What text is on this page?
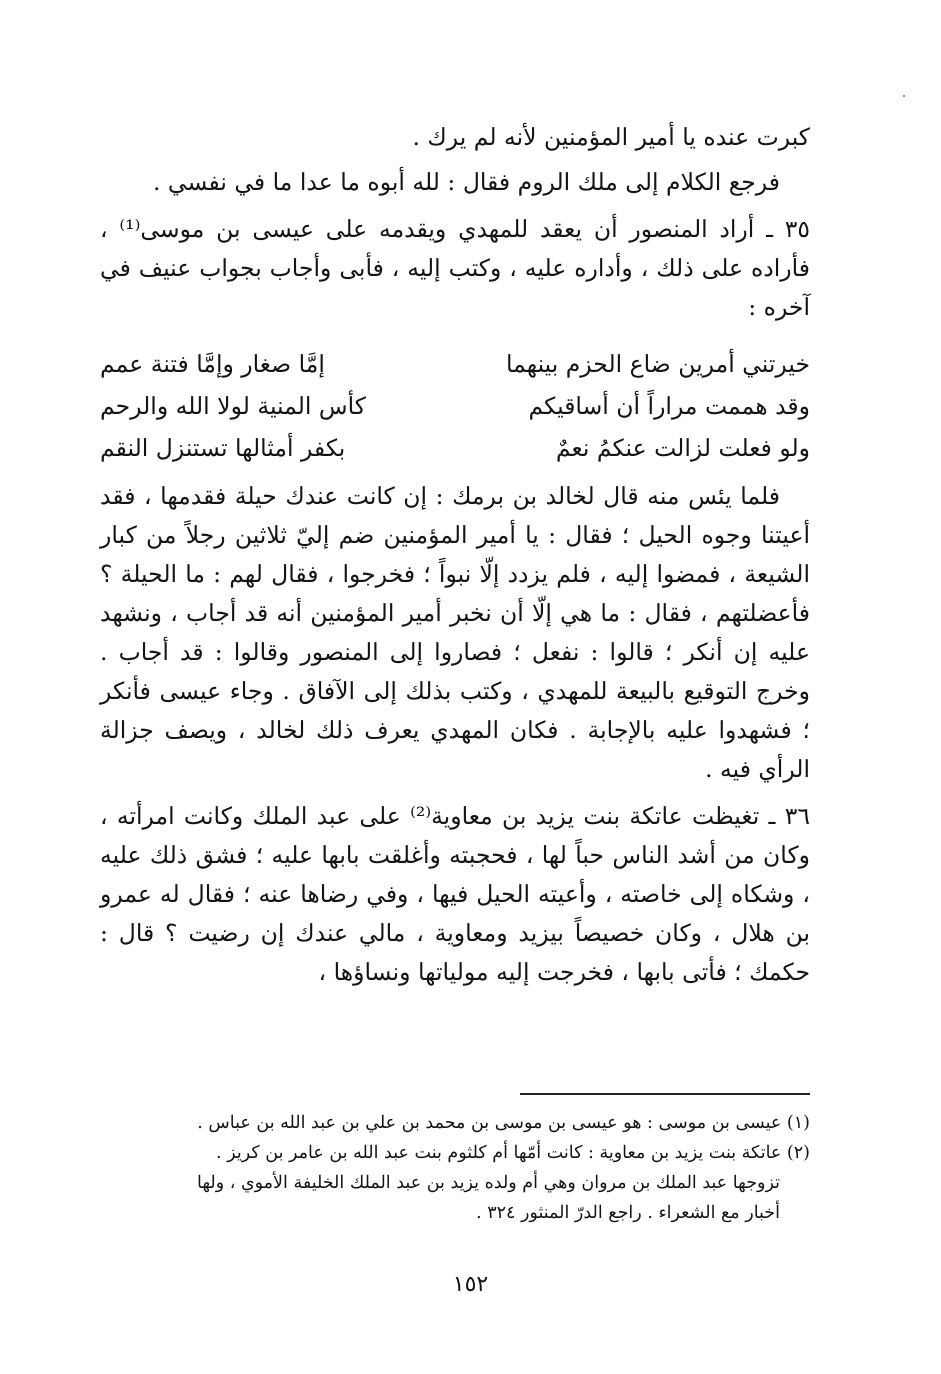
كبرت عنده يا أمير المؤمنين لأنه لم يرك .

فرجع الكلام إلى ملك الروم فقال : لله أبوه ما عدا ما في نفسي .

٣٥ ـ أراد المنصور أن يعقد للمهدي ويقدمه على عيسى بن موسى⁽¹⁾ ، فأراده على ذلك ، وأداره عليه ، وكتب إليه ، فأبى وأجاب بجواب عنيف في آخره :

خيرتني أمرين ضاع الحزم بينهما
إمَّا صغار وإمَّا فتنة عمم
وقد هممت مراراً أن أساقيكم
كأس المنية لولا الله والرحم
ولو فعلت لزالت عنكمُ نعمٌ
بكفر أمثالها تستنزل النقم

فلما يئس منه قال لخالد بن برمك : إن كانت عندك حيلة فقدمها ، فقد أعيتنا وجوه الحيل ؛ فقال : يا أمير المؤمنين ضم إليّ ثلاثين رجلاً من كبار الشيعة ، فمضوا إليه ، فلم يزدد إلّا نبواً ؛ فخرجوا ، فقال لهم : ما الحيلة ؟ فأعضلتهم ، فقال : ما هي إلّا أن نخبر أمير المؤمنين أنه قد أجاب ، ونشهد عليه إن أنكر ؛ قالوا : نفعل ؛ فصاروا إلى المنصور وقالوا : قد أجاب . وخرج التوقيع بالبيعة للمهدي ، وكتب بذلك إلى الآفاق . وجاء عيسى فأنكر ؛ فشهدوا عليه بالإجابة . فكان المهدي يعرف ذلك لخالد ، ويصف جزالة الرأي فيه .

٣٦ ـ تغيظت عاتكة بنت يزيد بن معاوية⁽²⁾ على عبد الملك وكانت امرأته ، وكان من أشد الناس حباً لها ، فحجبته وأغلقت بابها عليه ؛ فشق ذلك عليه ، وشكاه إلى خاصته ، وأعيته الحيل فيها ، وفي رضاها عنه ؛ فقال له عمرو بن هلال ، وكان خصيصاً بيزيد ومعاوية ، مالي عندك إن رضيت ؟ قال : حكمك ؛ فأتى بابها ، فخرجت إليه مولياتها ونساؤها ،

(١) عيسى بن موسى : هو عيسى بن موسى بن محمد بن علي بن عبد الله بن عباس .

(٢) عاتكة بنت يزيد بن معاوية : كانت أمّها أم كلثوم بنت عبد الله بن عامر بن كريز .

تزوجها عبد الملك بن مروان وهي أم ولده يزيد بن عبد الملك الخليفة الأموي ، ولها

أخبار مع الشعراء . راجع الدرّ المنثور ٣٢٤ .

١٥٢
